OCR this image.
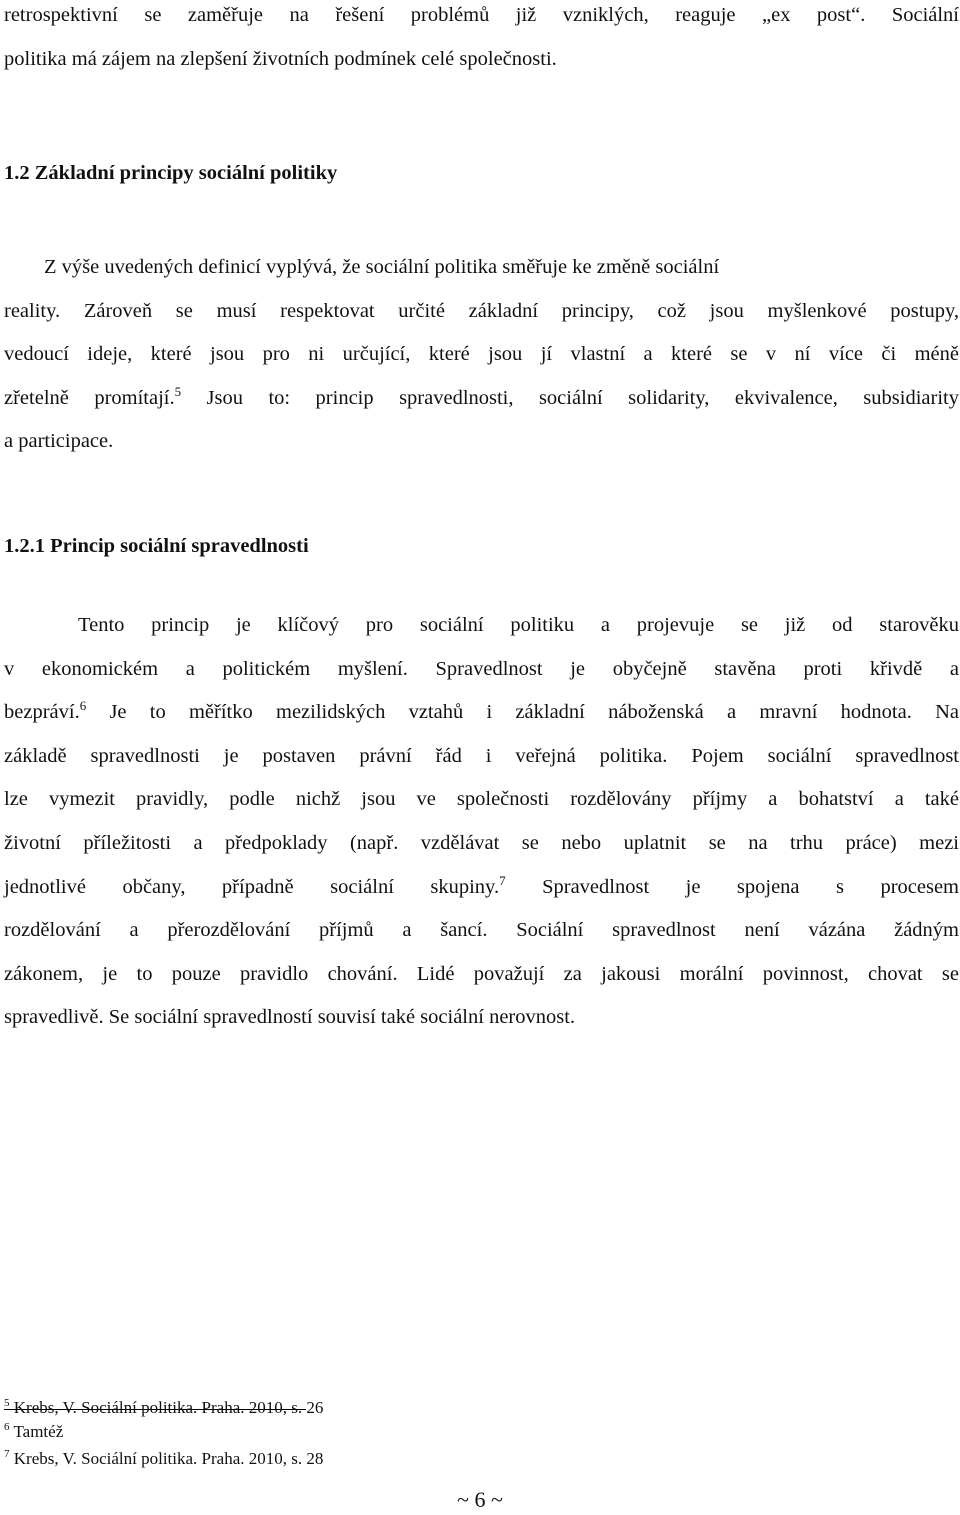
retrospektivní se zaměřuje na řešení problémů již vzniklých, reaguje „ex post“. Sociální
politika má zájem na zlepšení životních podmínek celé společnosti.
1.2 Základní principy sociální politiky
Z výše uvedených definicí vyplývá, že sociální politika směřuje ke změně sociální
reality. Zároveň se musí respektovat určité základní principy, což jsou myšlenkové postupy,
vedoucí ideje, které jsou pro ni určující, které jsou jí vlastní a které se v ní více či méně
zřetelně promítají.$^5$ Jsou to: princip spravedlnosti, sociální solidarity, ekvivalence, subsidiarity
a participace.
1.2.1 Princip sociální spravedlnosti
Tento princip je klíčový pro sociální politiku a projevuje se již od starověku
v ekonomickém a politickém myšlení. Spravedlnost je obyčejně stavěna proti křivdě a
bezpráví.$^6$ Je to měřítko mezilidských vztahů i základní náboženská a mravní hodnota. Na
základě spravedlnosti je postaven právní řád i veřejná politika. Pojem sociální spravedlnost
lze vymezit pravidly, podle nichž jsou ve společnosti rozdělovány příjmy a bohatství a také
životní příležitosti a předpoklady (např. vzdělávat se nebo uplatnit se na trhu práce) mezi
jednotlivé občany, případně sociální skupiny.$^7$ Spravedlnost je spojena s procesem
rozdělování a přerozdělování příjmů a šancí. Sociální spravedlnost není vázána žádným
zákonem, je to pouze pravidlo chování. Lidé považují za jakousi morální povinnost, chovat se
spravedlivě. Se sociální spravedlností souvisí také sociální nerovnost.
$^5$ Krebs, V. Sociální politika. Praha. 2010, s. 26
$^6$ Tamtéž
$^7$ Krebs, V. Sociální politika. Praha. 2010, s. 28
~ 6 ~
